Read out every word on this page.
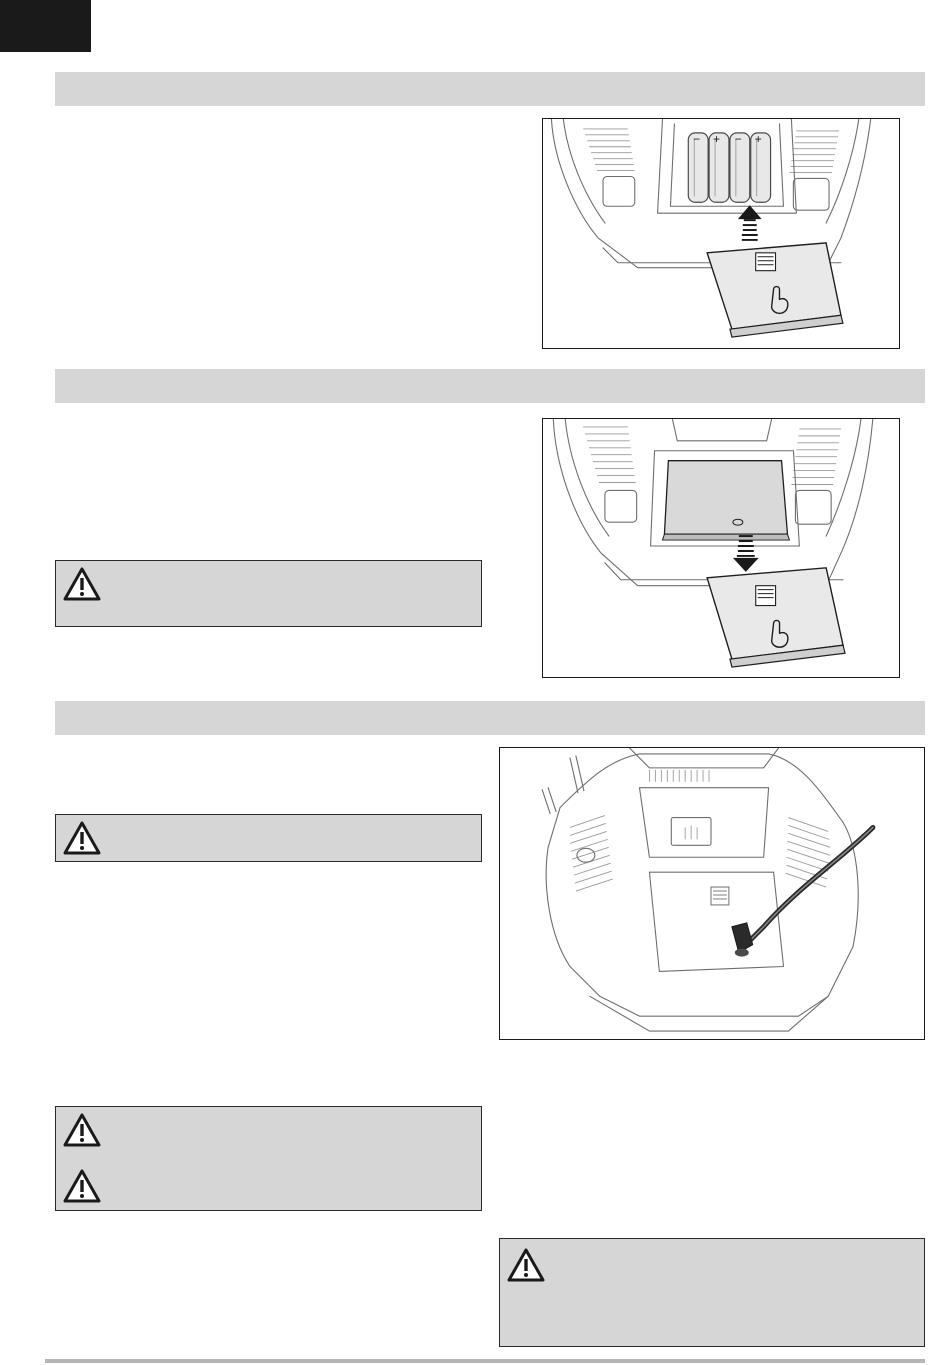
− + − +
